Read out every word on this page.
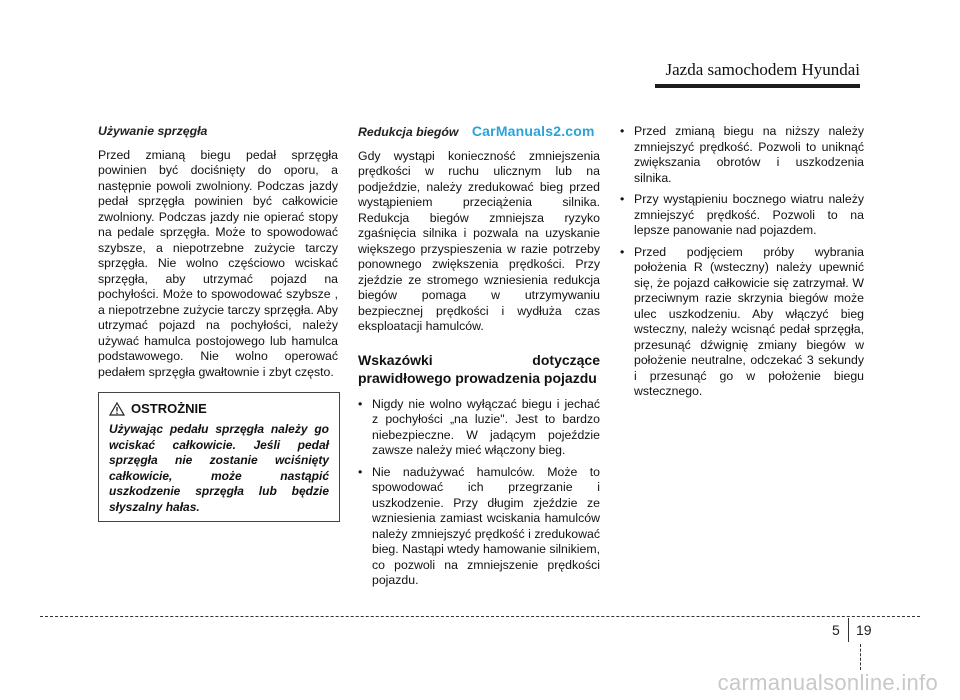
Jazda samochodem Hyundai

Używanie sprzęgła

Przed zmianą biegu pedał sprzęgła powinien być dociśnięty do oporu, a następnie powoli zwolniony. Podczas jazdy pedał sprzęgła powinien być całkowicie zwolniony. Podczas jazdy nie opierać stopy na pedale sprzęgła. Może to spowodować szybsze, a niepotrzebne zużycie tarczy sprzęgła. Nie wolno częściowo wciskać sprzęgła, aby utrzymać pojazd na pochyłości. Może to spowodować szybsze , a niepotrzebne zużycie tarczy sprzęgła. Aby utrzymać pojazd na pochyłości, należy używać hamulca postojowego lub hamulca podstawowego. Nie wolno operować pedałem sprzęgła gwałtownie i zbyt często.

OSTROŻNIE

Używając pedału sprzęgła należy go wciskać całkowicie. Jeśli pedał sprzęgła nie zostanie wciśnięty całkowicie, może nastąpić uszkodzenie sprzęgła lub będzie słyszalny hałas.

Redukcja biegów CarManuals2.com

Gdy wystąpi konieczność zmniejszenia prędkości w ruchu ulicznym lub na podjeździe, należy zredukować bieg przed wystąpieniem przeciążenia silnika. Redukcja biegów zmniejsza ryzyko zgaśnięcia silnika i pozwala na uzyskanie większego przyspieszenia w razie potrzeby ponownego zwiększenia prędkości. Przy zjeździe ze stromego wzniesienia redukcja biegów pomaga w utrzymywaniu bezpiecznej prędkości i wydłuża czas eksploatacji hamulców.

Wskazówki dotyczące prawidłowego prowadzenia pojazdu
• Nigdy nie wolno wyłączać biegu i jechać z pochyłości „na luzie". Jest to bardzo niebezpieczne. W jadącym pojeździe zawsze należy mieć włączony bieg.
• Nie nadużywać hamulców. Może to spowodować ich przegrzanie i uszkodzenie. Przy długim zjeździe ze wzniesienia zamiast wciskania hamulców należy zmniejszyć prędkość i zredukować bieg. Nastąpi wtedy hamowanie silnikiem, co pozwoli na zmniejszenie prędkości pojazdu.
• Przed zmianą biegu na niższy należy zmniejszyć prędkość. Pozwoli to uniknąć zwiększania obrotów i uszkodzenia silnika.
• Przy wystąpieniu bocznego wiatru należy zmniejszyć prędkość. Pozwoli to na lepsze panowanie nad pojazdem.
• Przed podjęciem próby wybrania położenia R (wsteczny) należy upewnić się, że pojazd całkowicie się zatrzymał. W przeciwnym razie skrzynia biegów może ulec uszkodzeniu. Aby włączyć bieg wsteczny, należy wcisnąć pedał sprzęgła, przesunąć dźwignię zmiany biegów w położenie neutralne, odczekać 3 sekundy i przesunąć go w położenie biegu wstecznego.
5 19
carmanualsonline.info
